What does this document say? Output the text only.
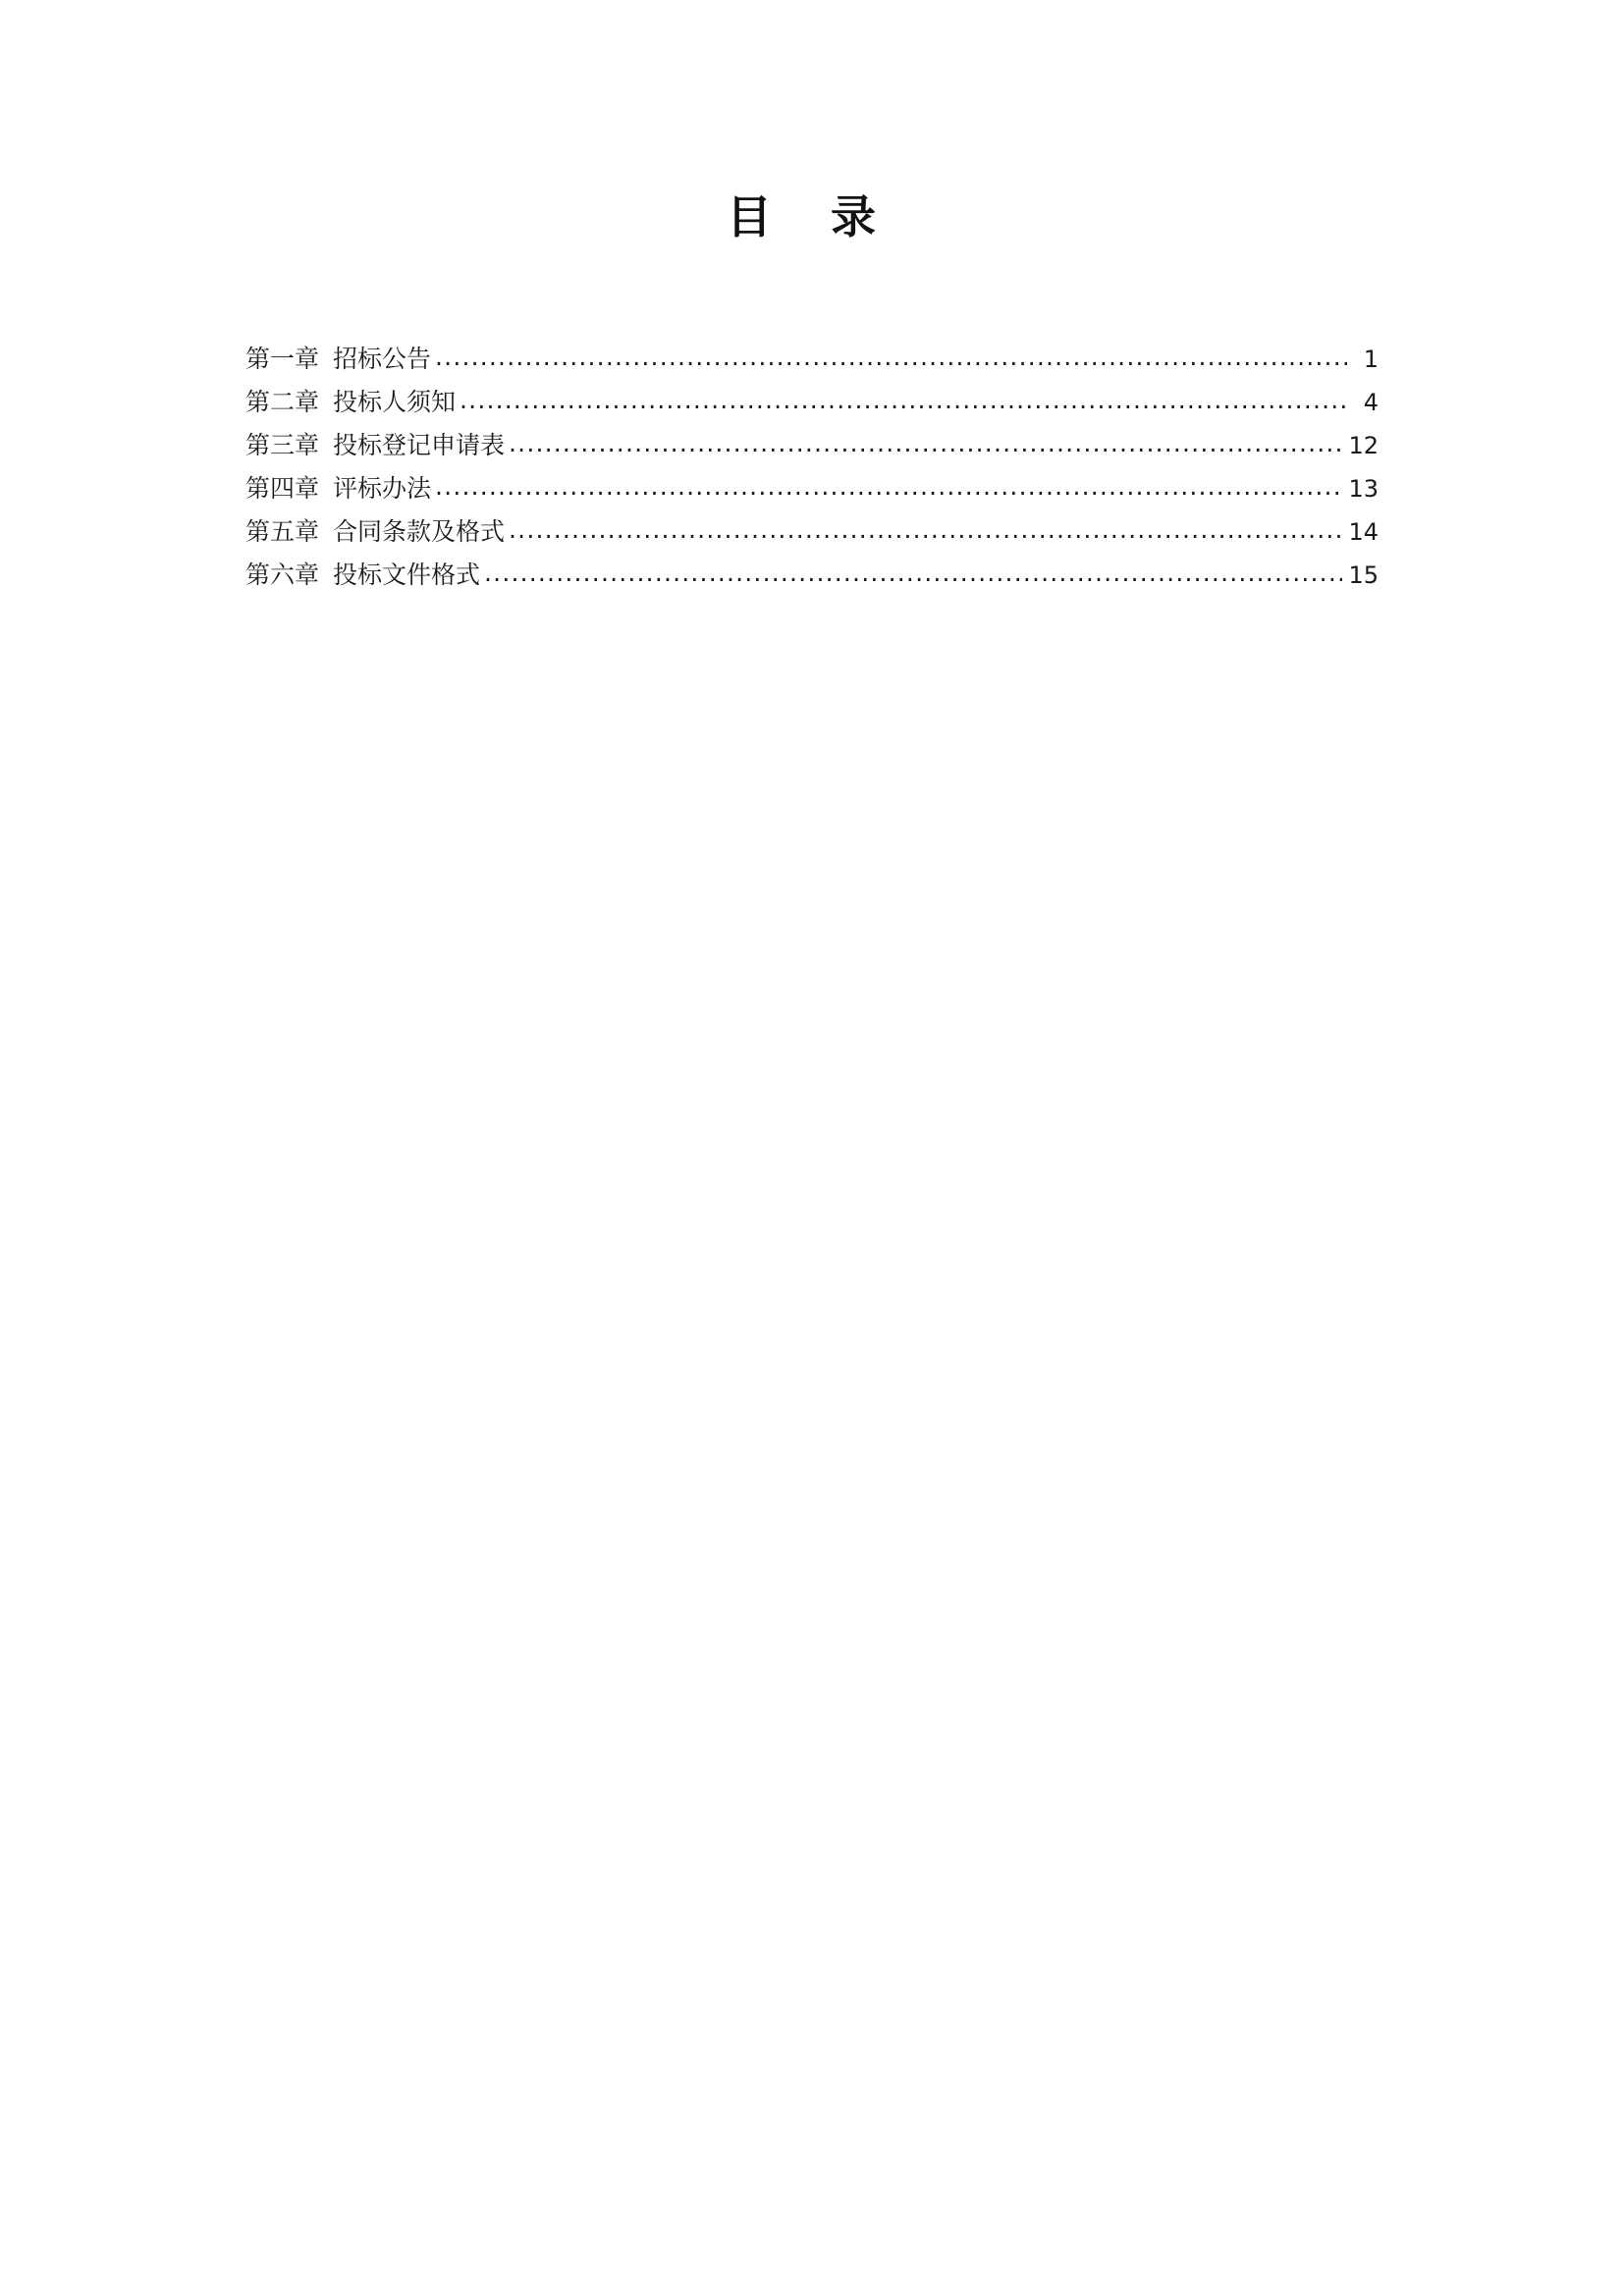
目 录
第一章 招标公告 .....	1
第二章 投标人须知 .....	4
第三章 投标登记申请表 .....	12
第四章 评标办法 .....	13
第五章 合同条款及格式 .....	14
第六章 投标文件格式 .....	15
